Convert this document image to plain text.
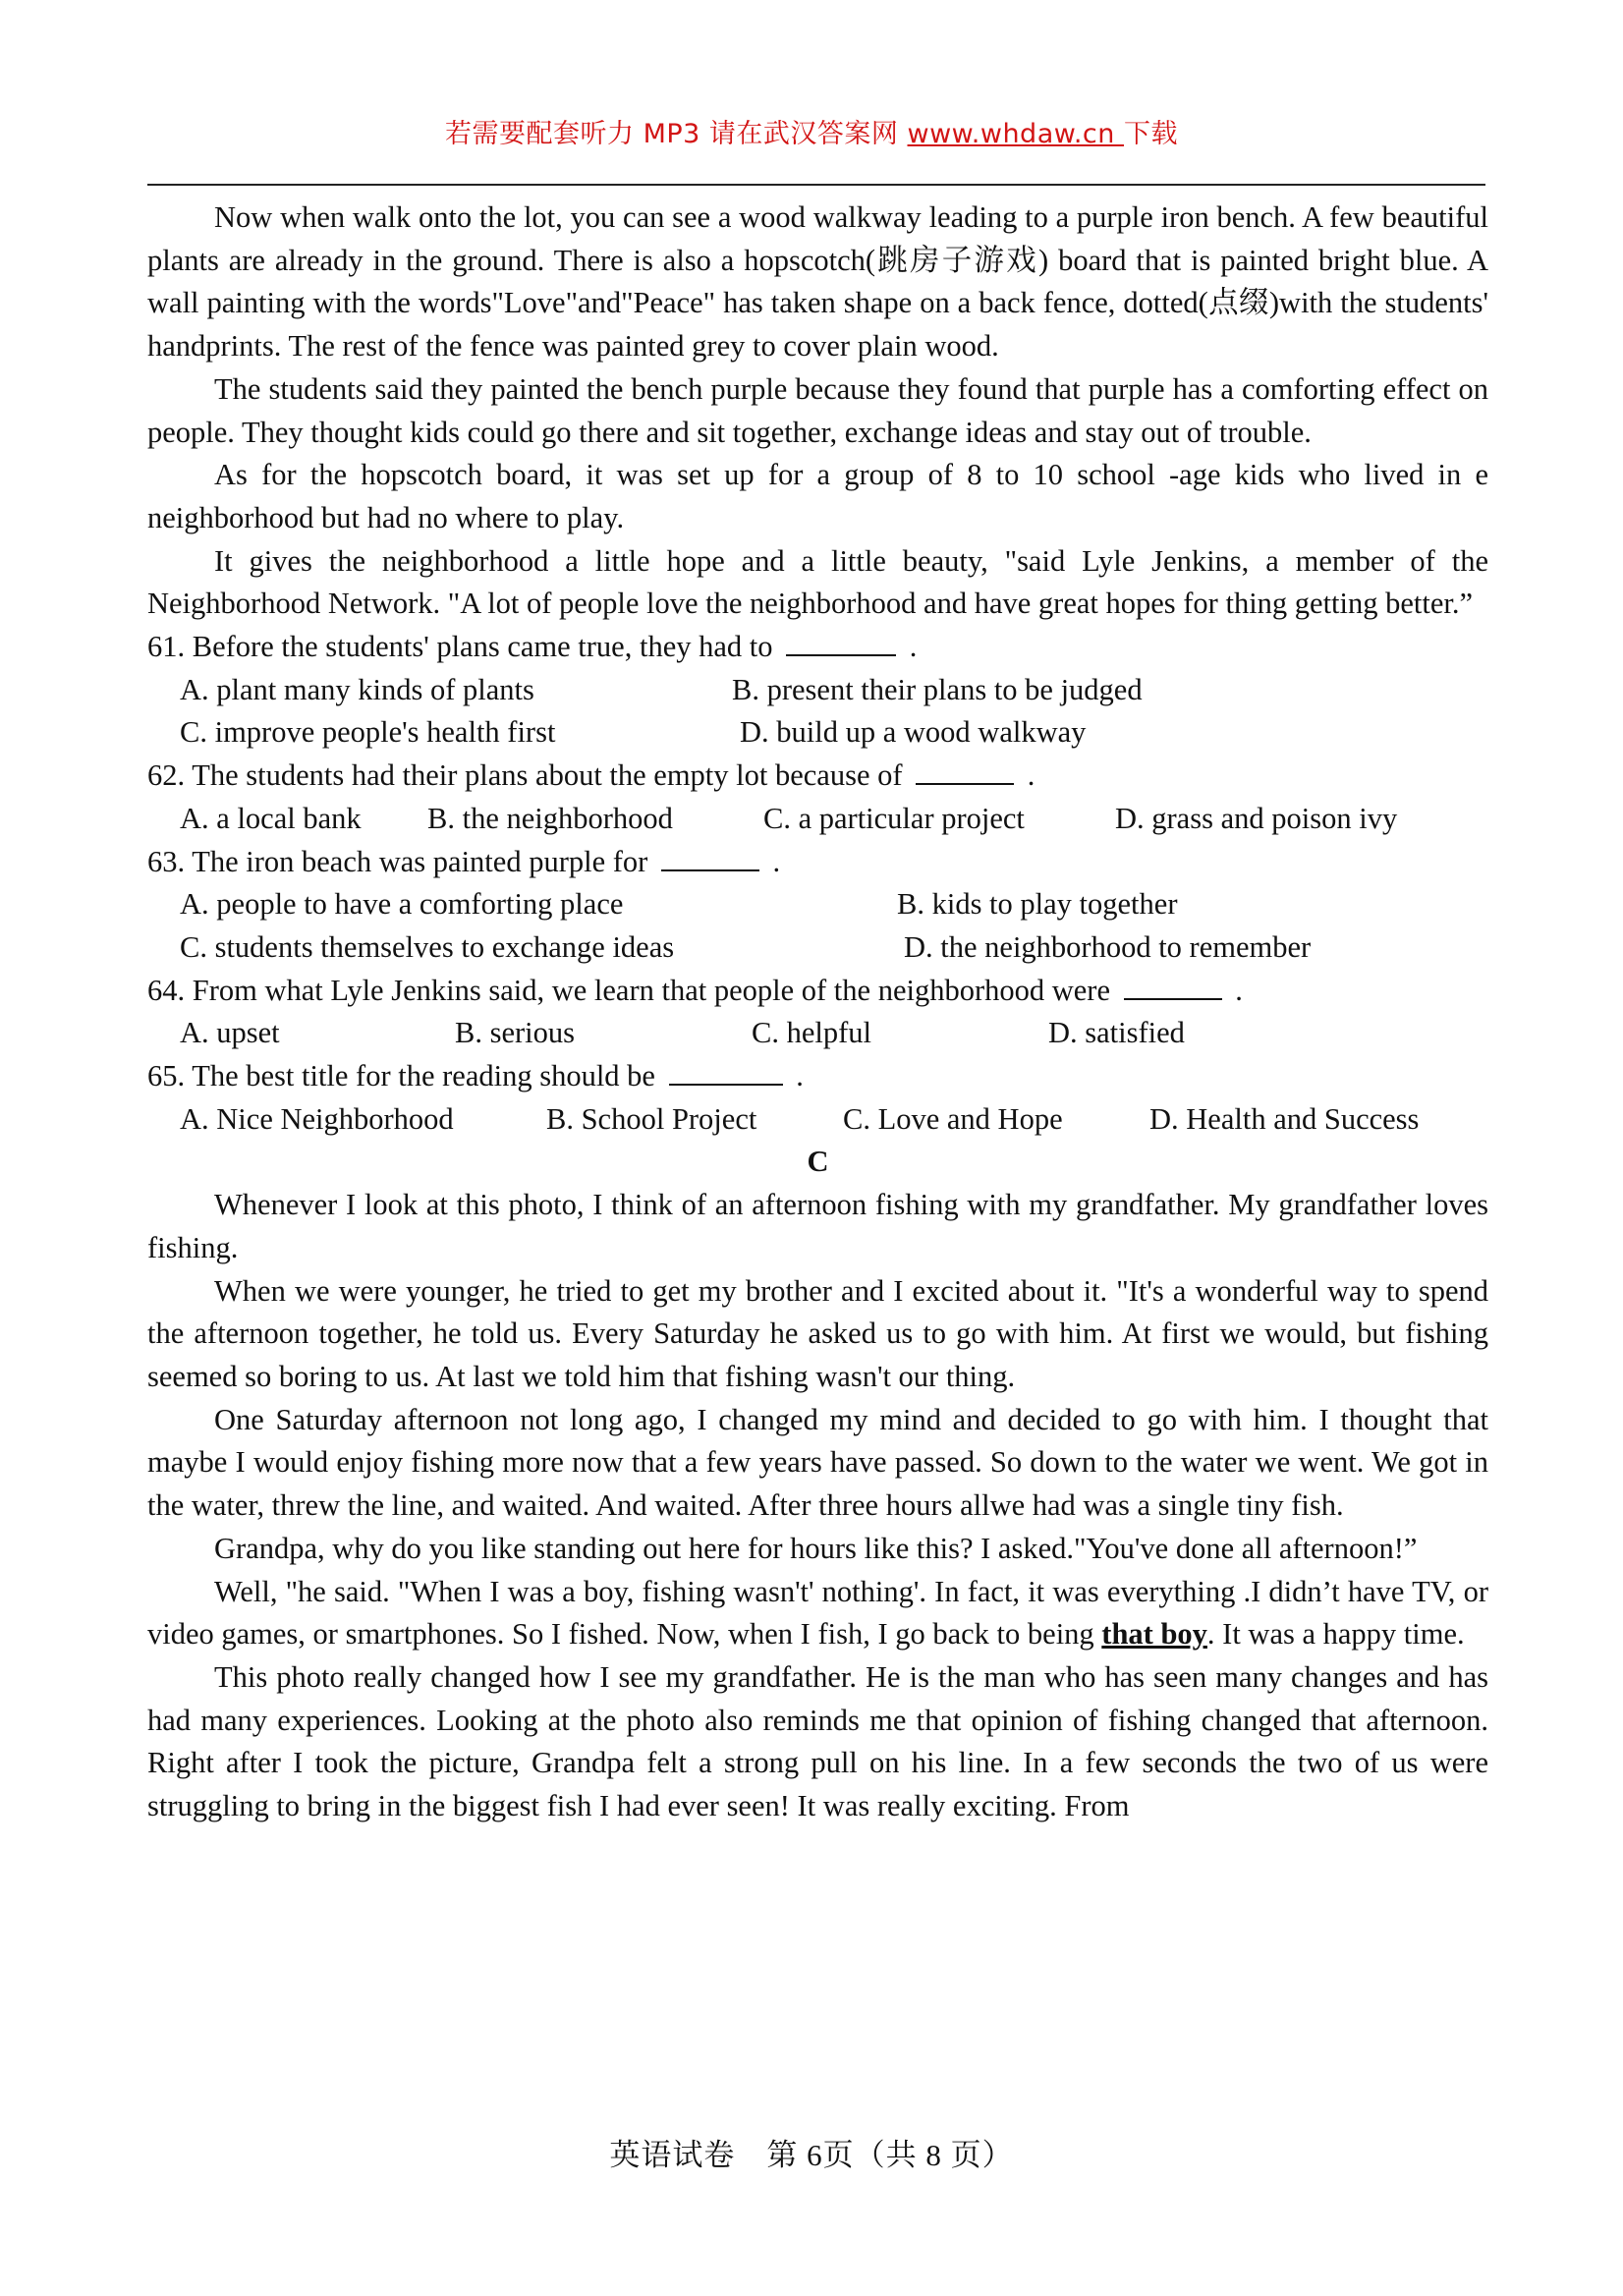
若需要配套听力 MP3 请在武汉答案网 www.whdaw.cn 下载

Now when walk onto the lot, you can see a wood walkway leading to a purple iron bench. A few beautiful plants are already in the ground. There is also a hopscotch(跳房子游戏) board that is painted bright blue. A wall painting with the words"Love"and"Peace" has taken shape on a back fence, dotted(点缀)with the students' handprints. The rest of the fence was painted grey to cover plain wood.

The students said they painted the bench purple because they found that purple has a comforting effect on people. They thought kids could go there and sit together, exchange ideas and stay out of trouble.

As for the hopscotch board, it was set up for a group of 8 to 10 school -age kids who lived in e neighborhood but had no where to play.

It gives the neighborhood a little hope and a little beauty, "said Lyle Jenkins, a member of the Neighborhood Network. "A lot of people love the neighborhood and have great hopes for thing getting better.”

61. Before the students' plans came true, they had to	.

A. plant many kinds of plants	B. present their plans to be judged
C. improve people's health first	D. build up a wood walkway

62. The students had their plans about the empty lot because of	.

A. a local bank	B. the neighborhood	C. a particular project	D. grass and poison ivy

63. The iron beach was painted purple for	.

A. people to have a comforting place	B. kids to play together
C. students themselves to exchange ideas	D. the neighborhood to remember

64. From what Lyle Jenkins said, we learn that people of the neighborhood were	.

A. upset	B. serious	C. helpful	D. satisfied

65. The best title for the reading should be	.

A. Nice Neighborhood	B. School Project	C. Love and Hope	D. Health and Success

C

Whenever I look at this photo, I think of an afternoon fishing with my grandfather. My grandfather loves fishing.

When we were younger, he tried to get my brother and I excited about it. "It's a wonderful way to spend the afternoon together, he told us. Every Saturday he asked us to go with him. At first we would, but fishing seemed so boring to us. At last we told him that fishing wasn't our thing.

One Saturday afternoon not long ago, I changed my mind and decided to go with him. I thought that maybe I would enjoy fishing more now that a few years have passed. So down to the water we went. We got in the water, threw the line, and waited. And waited. After three hours allwe had was a single tiny fish.

Grandpa, why do you like standing out here for hours like this? I asked."You've done all afternoon!”

Well, "he said. "When I was a boy, fishing wasn't' nothing'. In fact, it was everything .I didn’t have TV, or video games, or smartphones. So I fished. Now, when I fish, I go back to being that boy. It was a happy time.

This photo really changed how I see my grandfather. He is the man who has seen many changes and has had many experiences. Looking at the photo also reminds me that opinion of fishing changed that afternoon. Right after I took the picture, Grandpa felt a strong pull on his line. In a few seconds the two of us were struggling to bring in the biggest fish I had ever seen! It was really exciting. From

英语试卷　第 6页（共 8 页）
